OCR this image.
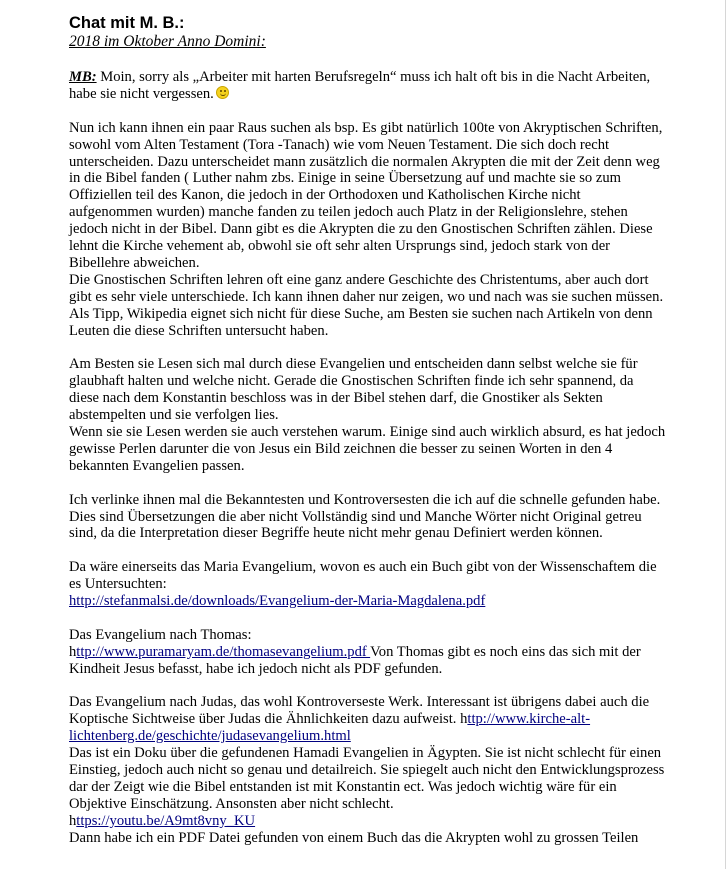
Chat mit M. B.:
2018 im Oktober Anno Domini:

MB: Moin, sorry als „Arbeiter mit harten Berufsregeln“ muss ich halt oft bis in die Nacht Arbeiten, habe sie nicht vergessen.

Nun ich kann ihnen ein paar Raus suchen als bsp. Es gibt natürlich 100te von Akryptischen Schriften, sowohl vom Alten Testament (Tora -Tanach) wie vom Neuen Testament. Die sich doch recht unterscheiden. Dazu unterscheidet mann zusätzlich die normalen Akrypten die mit der Zeit denn weg in die Bibel fanden ( Luther nahm zbs. Einige in seine Übersetzung auf und machte sie so zum Offiziellen teil des Kanon, die jedoch in der Orthodoxen und Katholischen Kirche nicht aufgenommen wurden) manche fanden zu teilen jedoch auch Platz in der Religionslehre, stehen jedoch nicht in der Bibel. Dann gibt es die Akrypten die zu den Gnostischen Schriften zählen. Diese lehnt die Kirche vehement ab, obwohl sie oft sehr alten Ursprungs sind, jedoch stark von der Bibellehre abweichen.

Die Gnostischen Schriften lehren oft eine ganz andere Geschichte des Christentums, aber auch dort gibt es sehr viele unterschiede. Ich kann ihnen daher nur zeigen, wo und nach was sie suchen müssen. Als Tipp, Wikipedia eignet sich nicht für diese Suche, am Besten sie suchen nach Artikeln von denn Leuten die diese Schriften untersucht haben.

Am Besten sie Lesen sich mal durch diese Evangelien und entscheiden dann selbst welche sie für glaubhaft halten und welche nicht. Gerade die Gnostischen Schriften finde ich sehr spannend, da diese nach dem Konstantin beschloss was in der Bibel stehen darf, die Gnostiker als Sekten abstempelten und sie verfolgen lies.

Wenn sie sie Lesen werden sie auch verstehen warum. Einige sind auch wirklich absurd, es hat jedoch gewisse Perlen darunter die von Jesus ein Bild zeichnen die besser zu seinen Worten in den 4 bekannten Evangelien passen.

Ich verlinke ihnen mal die Bekanntesten und Kontroversesten die ich auf die schnelle gefunden habe.

Dies sind Übersetzungen die aber nicht Vollständig sind und Manche Wörter nicht Original getreu sind, da die Interpretation dieser Begriffe heute nicht mehr genau Definiert werden können.

Da wäre einerseits das Maria Evangelium, wovon es auch ein Buch gibt von der Wissenschaftem die es Untersuchten:

http://stefanmalsi.de/downloads/Evangelium-der-Maria-Magdalena.pdf

Das Evangelium nach Thomas:

http://www.puramaryam.de/thomasevangelium.pdf Von Thomas gibt es noch eins das sich mit der Kindheit Jesus befasst, habe ich jedoch nicht als PDF gefunden.

Das Evangelium nach Judas, das wohl Kontroverseste Werk. Interessant ist übrigens dabei auch die Koptische Sichtweise über Judas die Ähnlichkeiten dazu aufweist. http://www.kirche-alt-lichtenberg.de/geschichte/judasevangelium.html

Das ist ein Doku über die gefundenen Hamadi Evangelien in Ägypten. Sie ist nicht schlecht für einen Einstieg, jedoch auch nicht so genau und detailreich. Sie spiegelt auch nicht den Entwicklungsprozess dar der Zeigt wie die Bibel entstanden ist mit Konstantin ect. Was jedoch wichtig wäre für ein Objektive Einschätzung. Ansonsten aber nicht schlecht.

https://youtu.be/A9mt8vny_KU

Dann habe ich ein PDF Datei gefunden von einem Buch das die Akrypten wohl zu grossen Teilen
